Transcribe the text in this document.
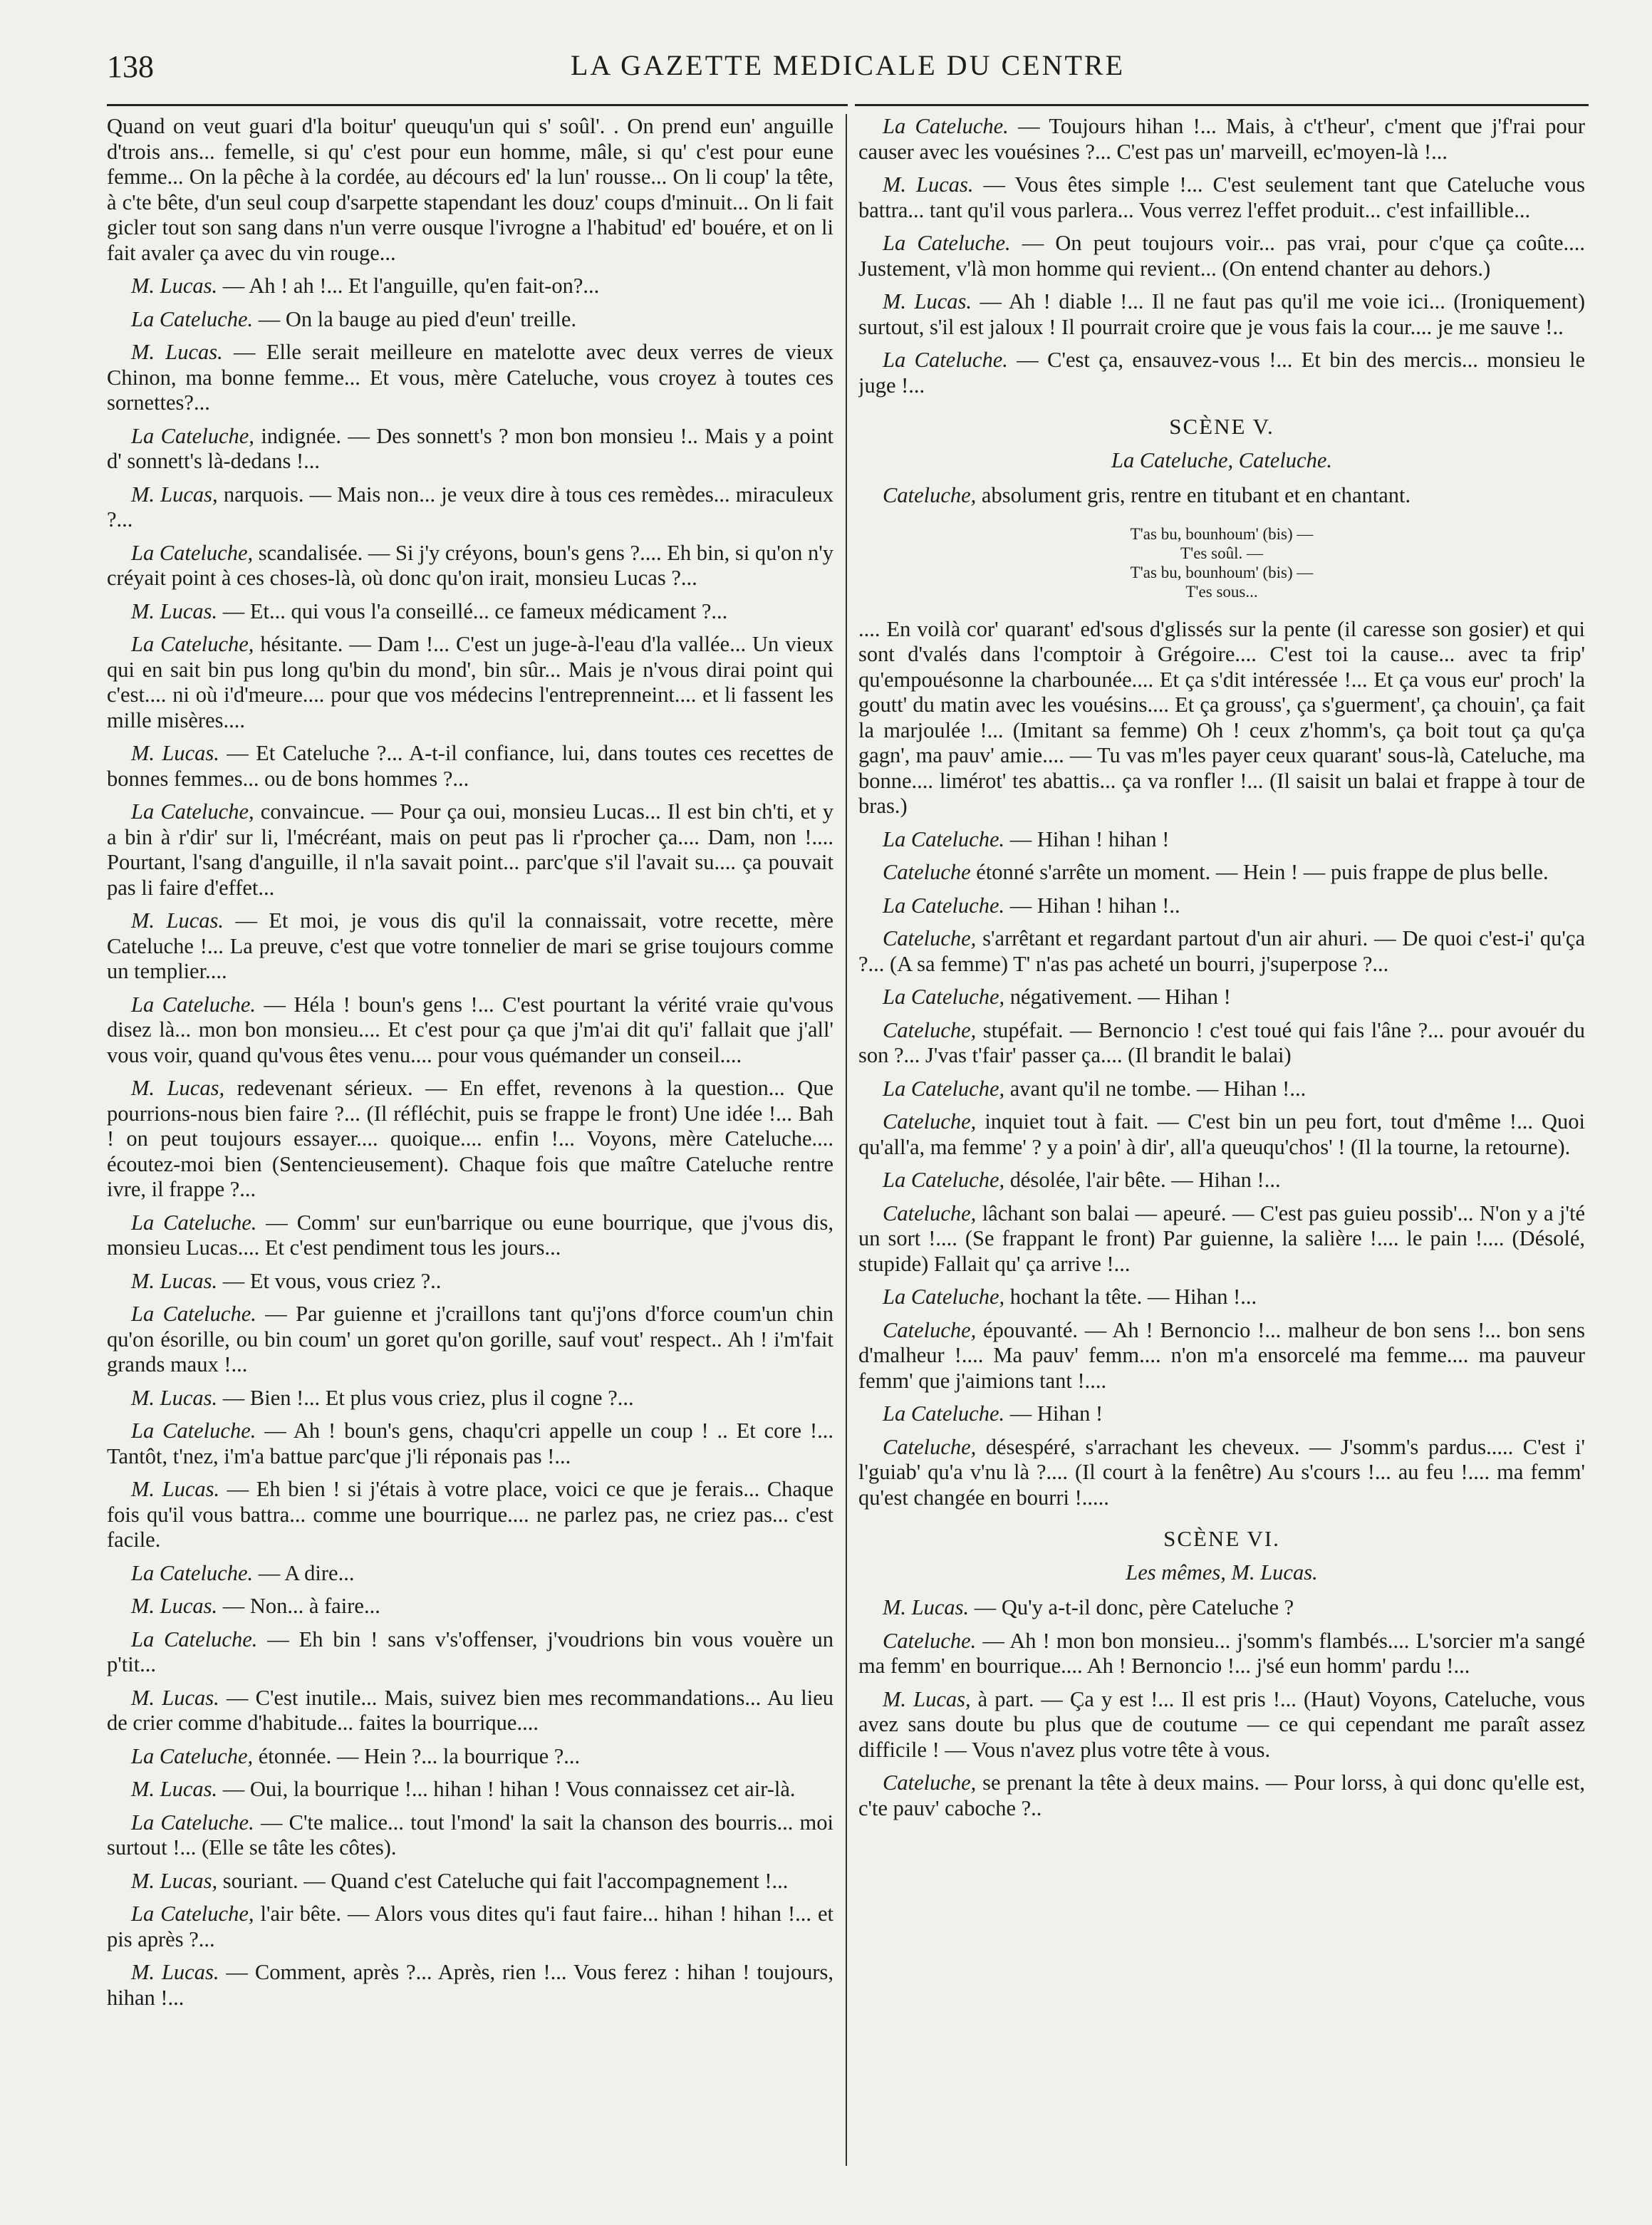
138	LA GAZETTE MEDICALE DU CENTRE

Quand on veut guari d'la boitur' queuqu'un qui s' soûl'. . On prend eun' anguille d'trois ans... femelle, si qu' c'est pour eun homme, mâle, si qu' c'est pour eune femme... On la pêche à la cordée, au décours ed' la lun' rousse... On li coup' la tête, à c'te bête, d'un seul coup d'sarpette stapendant les douz' coups d'minuit... On li fait gicler tout son sang dans n'un verre ousque l'ivrogne a l'habitud' ed' bouére, et on li fait avaler ça avec du vin rouge...

M. Lucas. — Ah ! ah !... Et l'anguille, qu'en fait-on?...

La Cateluche. — On la bauge au pied d'eun' treille.

M. Lucas. — Elle serait meilleure en matelotte avec deux verres de vieux Chinon, ma bonne femme... Et vous, mère Cateluche, vous croyez à toutes ces sornettes?...

La Cateluche, indignée. — Des sonnett's ? mon bon monsieu !.. Mais y a point d' sonnett's là-dedans !...

M. Lucas, narquois. — Mais non... je veux dire à tous ces remèdes... miraculeux ?...

La Cateluche, scandalisée. — Si j'y créyons, boun's gens ?.... Eh bin, si qu'on n'y créyait point à ces choses-là, où donc qu'on irait, monsieu Lucas ?...

M. Lucas. — Et... qui vous l'a conseillé... ce fameux médicament ?...

La Cateluche, hésitante. — Dam !... C'est un juge-à-l'eau d'la vallée... Un vieux qui en sait bin pus long qu'bin du mond', bin sûr... Mais je n'vous dirai point qui c'est.... ni où i'd'meure.... pour que vos médecins l'entreprenneint.... et li fassent les mille misères....

M. Lucas. — Et Cateluche ?... A-t-il confiance, lui, dans toutes ces recettes de bonnes femmes... ou de bons hommes ?...

La Cateluche, convaincue. — Pour ça oui, monsieu Lucas... Il est bin ch'ti, et y a bin à r'dir' sur li, l'mécréant, mais on peut pas li r'procher ça.... Dam, non !.... Pourtant, l'sang d'anguille, il n'la savait point... parc'que s'il l'avait su.... ça pouvait pas li faire d'effet...

M. Lucas. — Et moi, je vous dis qu'il la connaissait, votre recette, mère Cateluche !... La preuve, c'est que votre tonnelier de mari se grise toujours comme un templier....

La Cateluche. — Héla ! boun's gens !... C'est pourtant la vérité vraie qu'vous disez là... mon bon monsieu.... Et c'est pour ça que j'm'ai dit qu'i' fallait que j'all' vous voir, quand qu'vous êtes venu.... pour vous quémander un conseil....

M. Lucas, redevenant sérieux. — En effet, revenons à la question... Que pourrions-nous bien faire ?... (Il réfléchit, puis se frappe le front) Une idée !... Bah ! on peut toujours essayer.... quoique.... enfin !... Voyons, mère Cateluche.... écoutez-moi bien (Sentencieusement). Chaque fois que maître Cateluche rentre ivre, il frappe ?...

La Cateluche. — Comm' sur eun'barrique ou eune bourrique, que j'vous dis, monsieu Lucas.... Et c'est pendiment tous les jours...

M. Lucas. — Et vous, vous criez ?..

La Cateluche. — Par guienne et j'craillons tant qu'j'ons d'force coum'un chin qu'on ésorille, ou bin coum' un goret qu'on gorille, sauf vout' respect.. Ah ! i'm'fait grands maux !...

M. Lucas. — Bien !... Et plus vous criez, plus il cogne ?...

La Cateluche. — Ah ! boun's gens, chaqu'cri appelle un coup ! .. Et core !... Tantôt, t'nez, i'm'a battue parc'que j'li réponais pas !...

M. Lucas. — Eh bien ! si j'étais à votre place, voici ce que je ferais... Chaque fois qu'il vous battra... comme une bourrique.... ne parlez pas, ne criez pas... c'est facile.

La Cateluche. — A dire...

M. Lucas. — Non... à faire...

La Cateluche. — Eh bin ! sans v's'offenser, j'voudrions bin vous vouère un p'tit...

M. Lucas. — C'est inutile... Mais, suivez bien mes recommandations... Au lieu de crier comme d'habitude... faites la bourrique....

La Cateluche, étonnée. — Hein ?... la bourrique ?...

M. Lucas. — Oui, la bourrique !... hihan ! hihan ! Vous connaissez cet air-là.

La Cateluche. — C'te malice... tout l'mond' la sait la chanson des bourris... moi surtout !... (Elle se tâte les côtes).

M. Lucas, souriant. — Quand c'est Cateluche qui fait l'accompagnement !...

La Cateluche, l'air bête. — Alors vous dites qu'i faut faire... hihan ! hihan !... et pis après ?...

M. Lucas. — Comment, après ?... Après, rien !... Vous ferez : hihan ! toujours, hihan !...

La Cateluche. — Toujours hihan !... Mais, à c't'heur', c'ment que j'f'rai pour causer avec les vouésines ?... C'est pas un' marveill, ec'moyen-là !...

M. Lucas. — Vous êtes simple !... C'est seulement tant que Cateluche vous battra... tant qu'il vous parlera... Vous verrez l'effet produit... c'est infaillible...

La Cateluche. — On peut toujours voir... pas vrai, pour c'que ça coûte.... Justement, v'là mon homme qui revient... (On entend chanter au dehors.)

M. Lucas. — Ah ! diable !... Il ne faut pas qu'il me voie ici... (Ironiquement) surtout, s'il est jaloux ! Il pourrait croire que je vous fais la cour.... je me sauve !..

La Cateluche. — C'est ça, ensauvez-vous !... Et bin des mercis... monsieu le juge !...

SCÈNE V.
La Cateluche, Cateluche.

Cateluche, absolument gris, rentre en titubant et en chantant.

T'as bu, bounhoum' (bis) —
T'es soûl. —
T'as bu, bounhoum' (bis) —
T'es sous...

.... En voilà cor' quarant' ed'sous d'glissés sur la pente (il caresse son gosier) et qui sont d'valés dans l'comptoir à Grégoire.... C'est toi la cause... avec ta frip' qu'empouésonne la charbounée.... Et ça s'dit intéressée !... Et ça vous eur' proch' la goutt' du matin avec les vouésins.... Et ça grouss', ça s'guerment', ça chouin', ça fait la marjoulée !... (Imitant sa femme) Oh ! ceux z'homm's, ça boit tout ça qu'ça gagn', ma pauv' amie.... — Tu vas m'les payer ceux quarant' sous-là, Cateluche, ma bonne.... limérot' tes abattis... ça va ronfler !... (Il saisit un balai et frappe à tour de bras.)

La Cateluche. — Hihan ! hihan !

Cateluche étonné s'arrête un moment. — Hein ! — puis frappe de plus belle.

La Cateluche. — Hihan ! hihan !..

Cateluche, s'arrêtant et regardant partout d'un air ahuri. — De quoi c'est-i' qu'ça ?... (A sa femme) T' n'as pas acheté un bourri, j'superpose ?...

La Cateluche, négativement. — Hihan !

Cateluche, stupéfait. — Bernoncio ! c'est toué qui fais l'âne ?... pour avouér du son ?... J'vas t'fair' passer ça.... (Il brandit le balai)

La Cateluche, avant qu'il ne tombe. — Hihan !...

Cateluche, inquiet tout à fait. — C'est bin un peu fort, tout d'même !... Quoi qu'all'a, ma femme' ? y a poin' à dir', all'a queuqu'chos' ! (Il la tourne, la retourne).

La Cateluche, désolée, l'air bête. — Hihan !...

Cateluche, lâchant son balai — apeuré. — C'est pas guieu possib'... N'on y a j'té un sort !.... (Se frappant le front) Par guienne, la salière !.... le pain !.... (Désolé, stupide) Fallait qu' ça arrive !...

La Cateluche, hochant la tête. — Hihan !...

Cateluche, épouvanté. — Ah ! Bernoncio !... malheur de bon sens !... bon sens d'malheur !.... Ma pauv' femm.... n'on m'a ensorcelé ma femme.... ma pauveur femm' que j'aimions tant !....

La Cateluche. — Hihan !

Cateluche, désespéré, s'arrachant les cheveux. — J'somm's pardus..... C'est i' l'guiab' qu'a v'nu là ?.... (Il court à la fenêtre) Au s'cours !... au feu !.... ma femm' qu'est changée en bourri !.....

SCÈNE VI.
Les mêmes, M. Lucas.

M. Lucas. — Qu'y a-t-il donc, père Cateluche ?

Cateluche. — Ah ! mon bon monsieu... j'somm's flambés.... L'sorcier m'a sangé ma femm' en bourrique.... Ah ! Bernoncio !... j'sé eun homm' pardu !...

M. Lucas, à part. — Ça y est !... Il est pris !... (Haut) Voyons, Cateluche, vous avez sans doute bu plus que de coutume — ce qui cependant me paraît assez difficile ! — Vous n'avez plus votre tête à vous.

Cateluche, se prenant la tête à deux mains. — Pour lorss, à qui donc qu'elle est, c'te pauv' caboche ?..
